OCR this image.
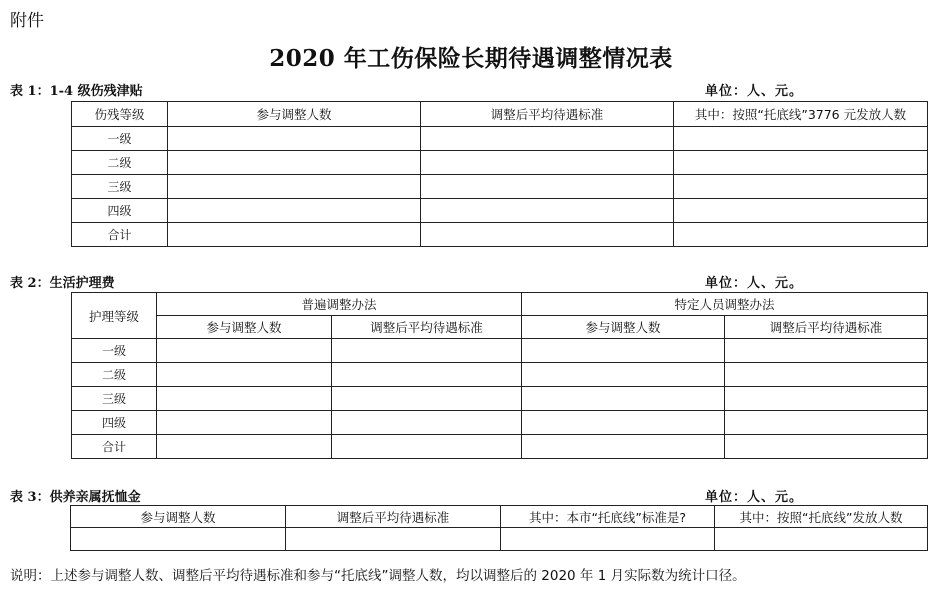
附件
2020 年工伤保险长期待遇调整情况表
表 1：1-4 级伤残津贴	单位：人、元。
伤残等级	参与调整人数	调整后平均待遇标准	其中：按照“托底线”3776 元发放人数
一级			
二级			
三级			
四级			
合计			
表 2：生活护理费	单位：人、元。
护理等级	普遍调整办法		特定人员调整办法	
	参与调整人数	调整后平均待遇标准	参与调整人数	调整后平均待遇标准
一级				
二级				
三级				
四级				
合计				
表 3：供养亲属抚恤金	单位：人、元。
参与调整人数	调整后平均待遇标准	其中：本市“托底线”标准是?	其中：按照“托底线”发放人数

说明：上述参与调整人数、调整后平均待遇标准和参与“托底线”调整人数，均以调整后的 2020 年 1 月实际数为统计口径。
